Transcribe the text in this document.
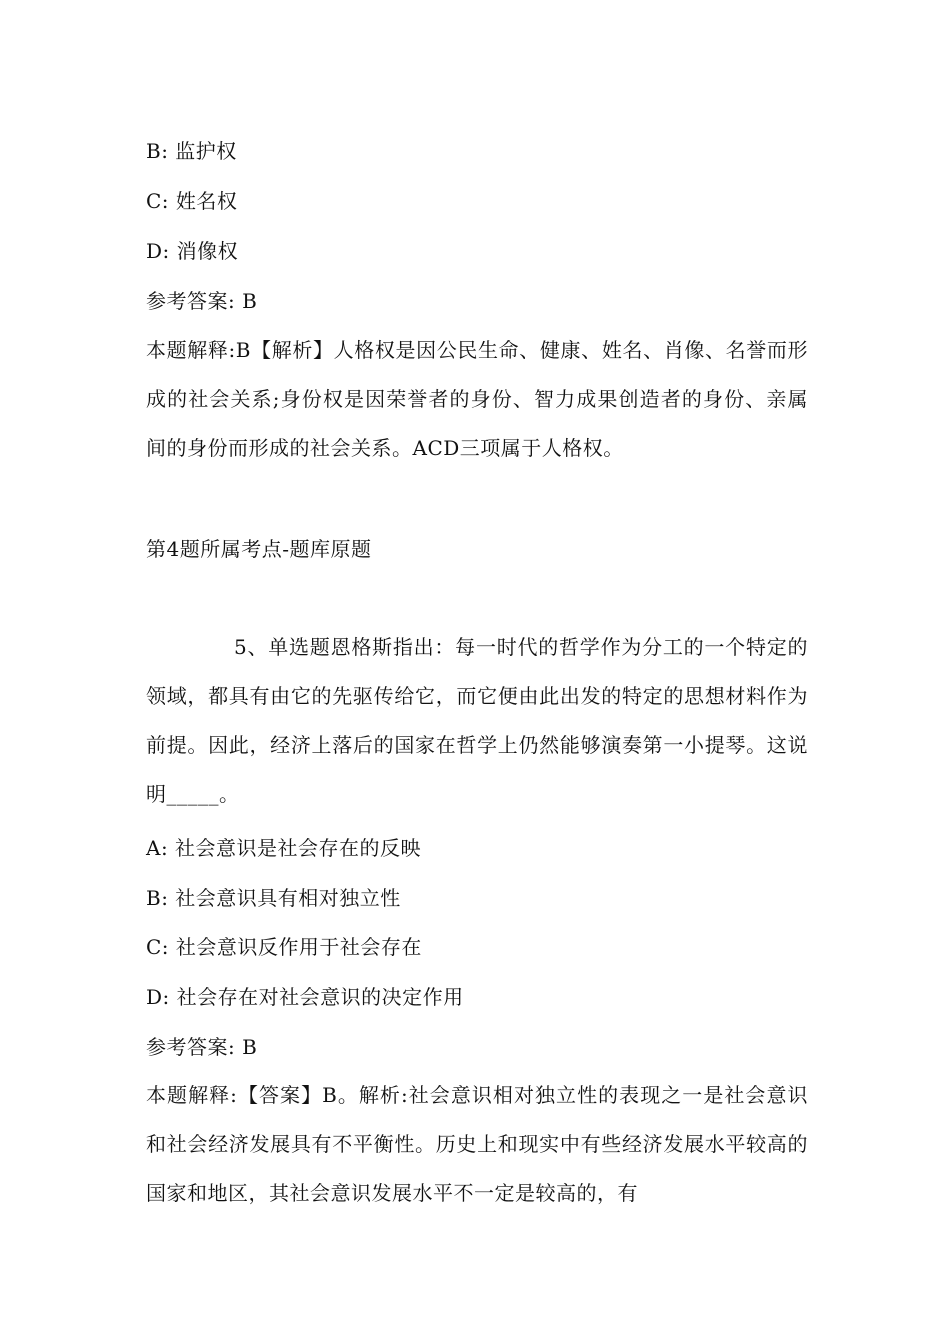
B: 监护权
C: 姓名权
D: 消像权
参考答案: B
本题解释:B【解析】人格权是因公民生命、健康、姓名、肖像、名誉而形成的社会关系;身份权是因荣誉者的身份、智力成果创造者的身份、亲属间的身份而形成的社会关系。ACD三项属于人格权。
第4题所属考点-题库原题
5、单选题恩格斯指出：每一时代的哲学作为分工的一个特定的领域，都具有由它的先驱传给它，而它便由此出发的特定的思想材料作为前提。因此，经济上落后的国家在哲学上仍然能够演奏第一小提琴。这说明_____。
A: 社会意识是社会存在的反映
B: 社会意识具有相对独立性
C: 社会意识反作用于社会存在
D: 社会存在对社会意识的决定作用
参考答案: B
本题解释:【答案】B。解析:社会意识相对独立性的表现之一是社会意识和社会经济发展具有不平衡性。历史上和现实中有些经济发展水平较高的国家和地区，其社会意识发展水平不一定是较高的，有
